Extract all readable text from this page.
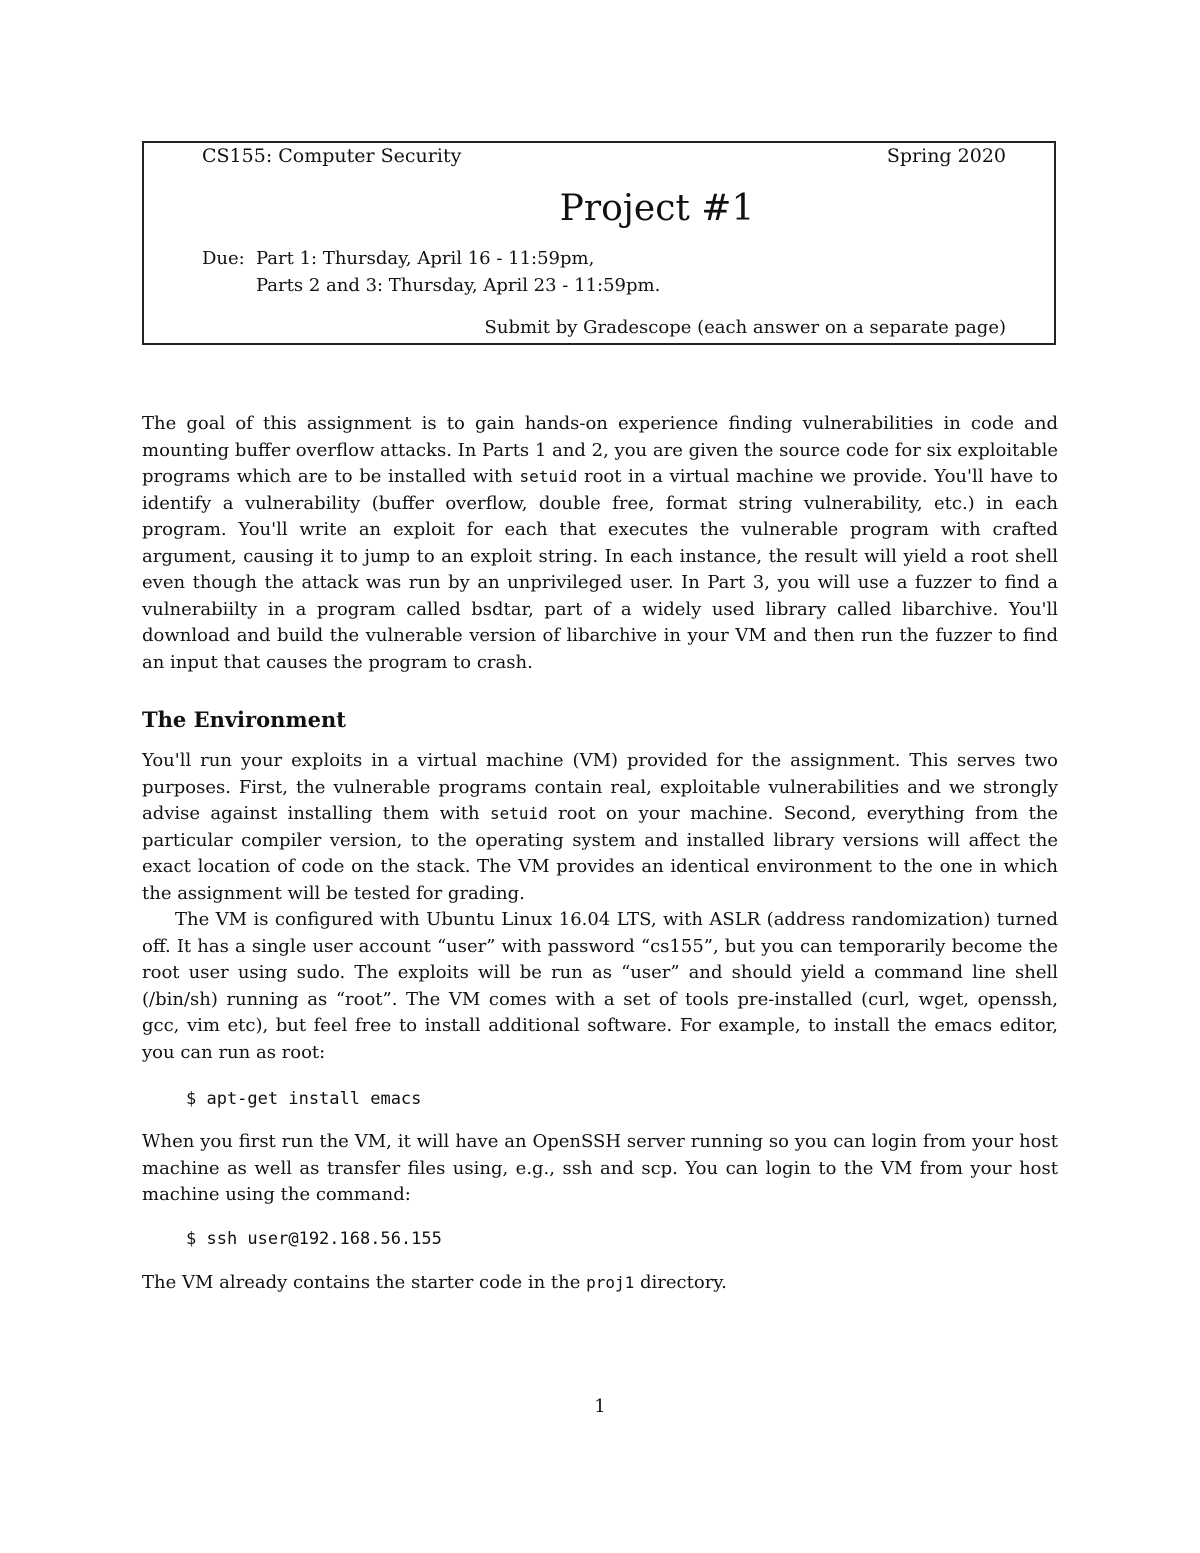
CS155: Computer Security	Spring 2020
Project #1
Due: Part 1: Thursday, April 16 - 11:59pm,
Parts 2 and 3: Thursday, April 23 - 11:59pm.
Submit by Gradescope (each answer on a separate page)

The goal of this assignment is to gain hands-on experience finding vulnerabilities in code and mounting buffer overflow attacks. In Parts 1 and 2, you are given the source code for six exploitable programs which are to be installed with setuid root in a virtual machine we provide. You'll have to identify a vulnerability (buffer overflow, double free, format string vulnerability, etc.) in each program. You'll write an exploit for each that executes the vulnerable program with crafted argument, causing it to jump to an exploit string. In each instance, the result will yield a root shell even though the attack was run by an unprivileged user. In Part 3, you will use a fuzzer to find a vulnerabiilty in a program called bsdtar, part of a widely used library called libarchive. You'll download and build the vulnerable version of libarchive in your VM and then run the fuzzer to find an input that causes the program to crash.

The Environment

You'll run your exploits in a virtual machine (VM) provided for the assignment. This serves two purposes. First, the vulnerable programs contain real, exploitable vulnerabilities and we strongly advise against installing them with setuid root on your machine. Second, everything from the particular compiler version, to the operating system and installed library versions will affect the exact location of code on the stack. The VM provides an identical environment to the one in which the assignment will be tested for grading.

The VM is configured with Ubuntu Linux 16.04 LTS, with ASLR (address randomization) turned off. It has a single user account “user” with password “cs155”, but you can temporarily become the root user using sudo. The exploits will be run as “user” and should yield a command line shell (/bin/sh) running as “root”. The VM comes with a set of tools pre-installed (curl, wget, openssh, gcc, vim etc), but feel free to install additional software. For example, to install the emacs editor, you can run as root:

$ apt-get install emacs

When you first run the VM, it will have an OpenSSH server running so you can login from your host machine as well as transfer files using, e.g., ssh and scp. You can login to the VM from your host machine using the command:

$ ssh user@192.168.56.155

The VM already contains the starter code in the proj1 directory.

1
